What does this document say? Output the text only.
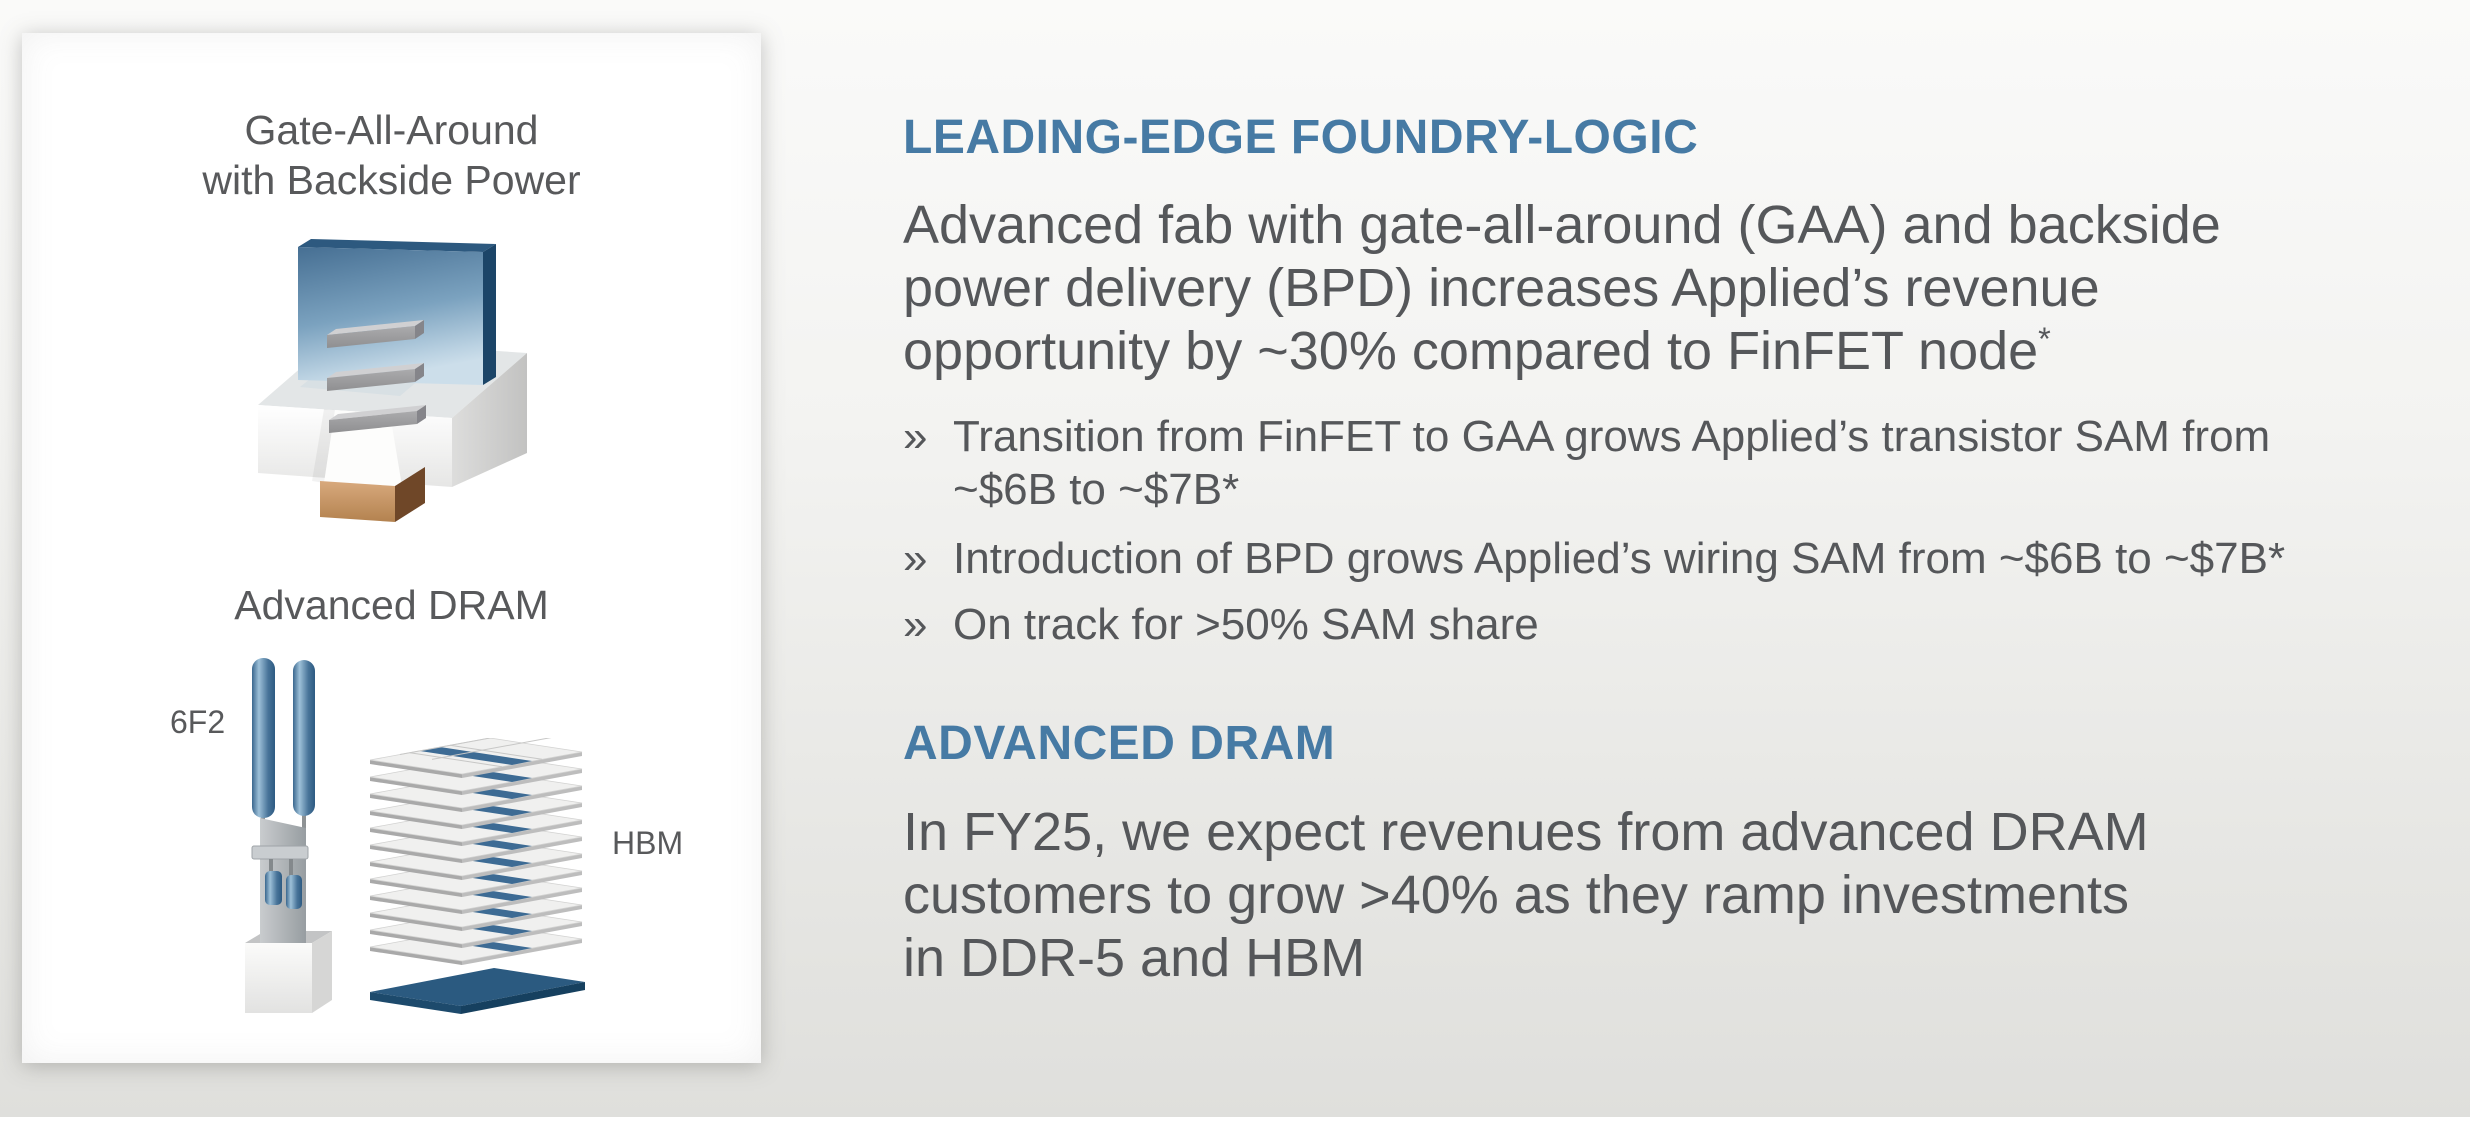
Gate-All-Around
with Backside Power
Advanced DRAM
6F2
HBM
LEADING-EDGE FOUNDRY-LOGIC
Advanced fab with gate-all-around (GAA) and backside
power delivery (BPD) increases Applied’s revenue
opportunity by ~30% compared to FinFET node*
» Transition from FinFET to GAA grows Applied’s transistor SAM from
~$6B to ~$7B*
» Introduction of BPD grows Applied’s wiring SAM from ~$6B to ~$7B*
» On track for >50% SAM share
ADVANCED DRAM
In FY25, we expect revenues from advanced DRAM
customers to grow >40% as they ramp investments
in DDR-5 and HBM
